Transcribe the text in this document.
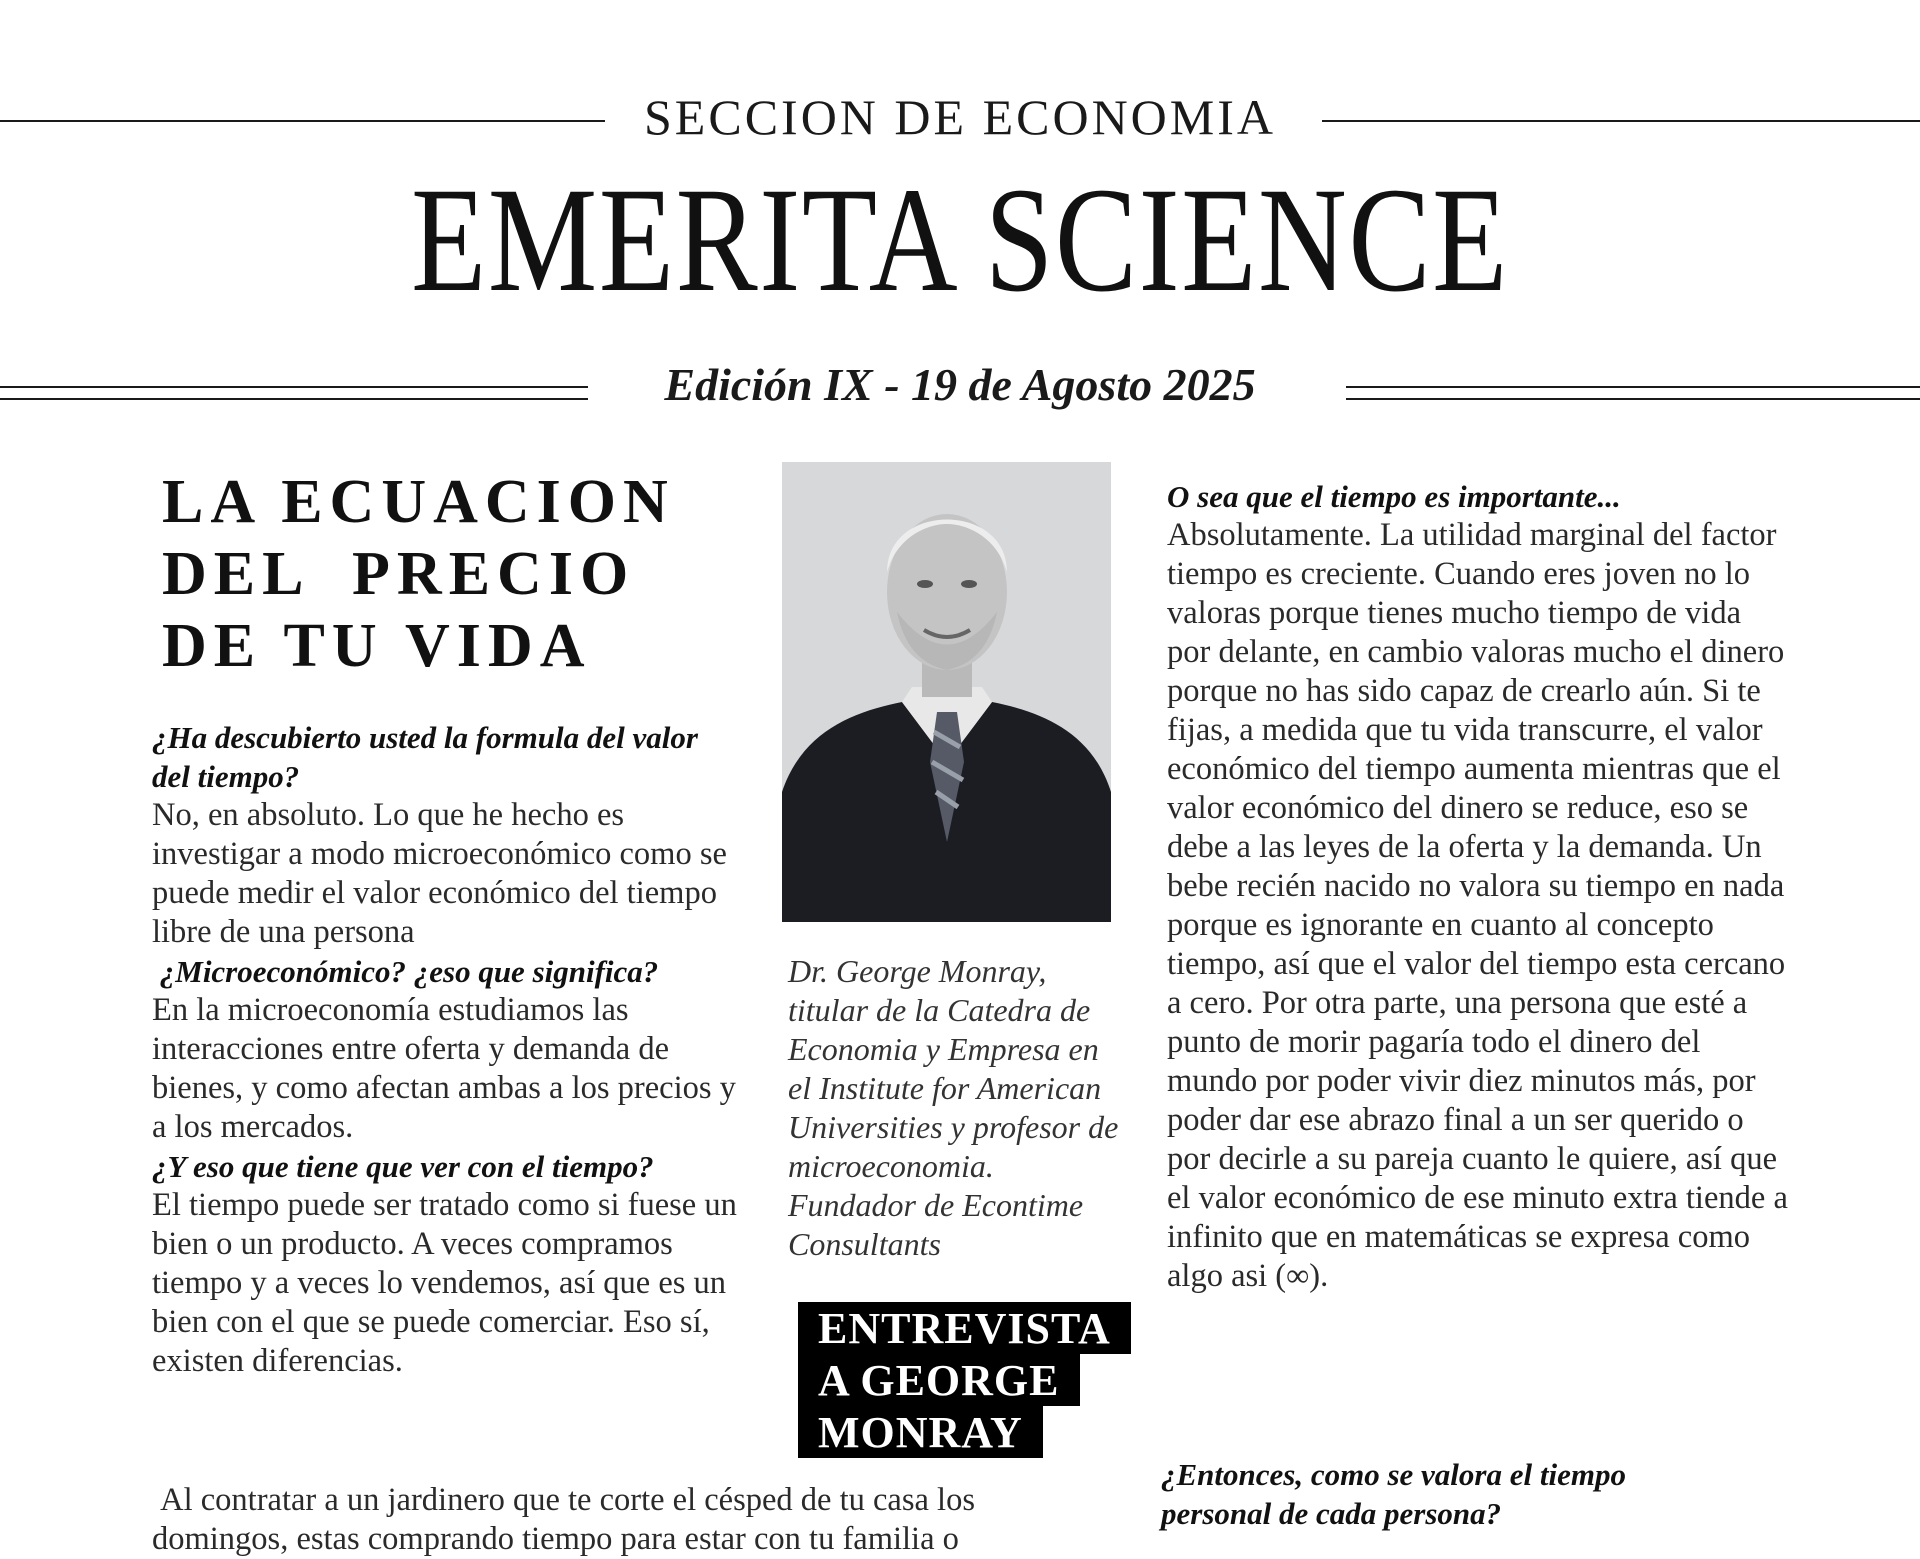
SECCION DE ECONOMIA
EMERITA SCIENCE
Edición IX - 19 de Agosto 2025
LA ECUACION
DEL  PRECIO
DE TU VIDA

¿Ha descubierto usted la formula del valor del tiempo?

No, en absoluto. Lo que he hecho es investigar a modo microeconómico como se puede medir el valor económico del tiempo libre de una persona

¿Microeconómico? ¿eso que significa?

En la microeconomía estudiamos las interacciones entre oferta y demanda de bienes, y como afectan ambas a los precios y a los mercados.

¿Y eso que tiene que ver con el tiempo?

El tiempo puede ser tratado como si fuese un bien o un producto. A veces compramos tiempo y a veces lo vendemos, así que es un bien con el que se puede comerciar. Eso sí, existen diferencias.

Al contratar a un jardinero que te corte el césped de tu casa los domingos, estas comprando tiempo para estar con tu familia o

Dr. George Monray,
titular de la Catedra de
Economia y Empresa en
el Institute for American
Universities y profesor de
microeconomia.
Fundador de Econtime
Consultants
ENTREVISTA
A GEORGE
MONRAY

O sea que el tiempo es importante...

Absolutamente. La utilidad marginal del factor tiempo es creciente. Cuando eres joven no lo valoras porque tienes mucho tiempo de vida por delante, en cambio valoras mucho el dinero porque no has sido capaz de crearlo aún. Si te fijas, a medida que tu vida transcurre, el valor económico del tiempo aumenta mientras que el valor económico del dinero se reduce, eso se debe a las leyes de la oferta y la demanda. Un bebe recién nacido no valora su tiempo en nada porque es ignorante en cuanto al concepto tiempo, así que el valor del tiempo esta cercano a cero. Por otra parte, una persona que esté a punto de morir pagaría todo el dinero del mundo por poder vivir diez minutos más, por poder dar ese abrazo final a un ser querido o por decirle a su pareja cuanto le quiere, así que el valor económico de ese minuto extra tiende a infinito que en matemáticas se expresa como algo asi (∞).

¿Entonces, como se valora el tiempo personal de cada persona?
